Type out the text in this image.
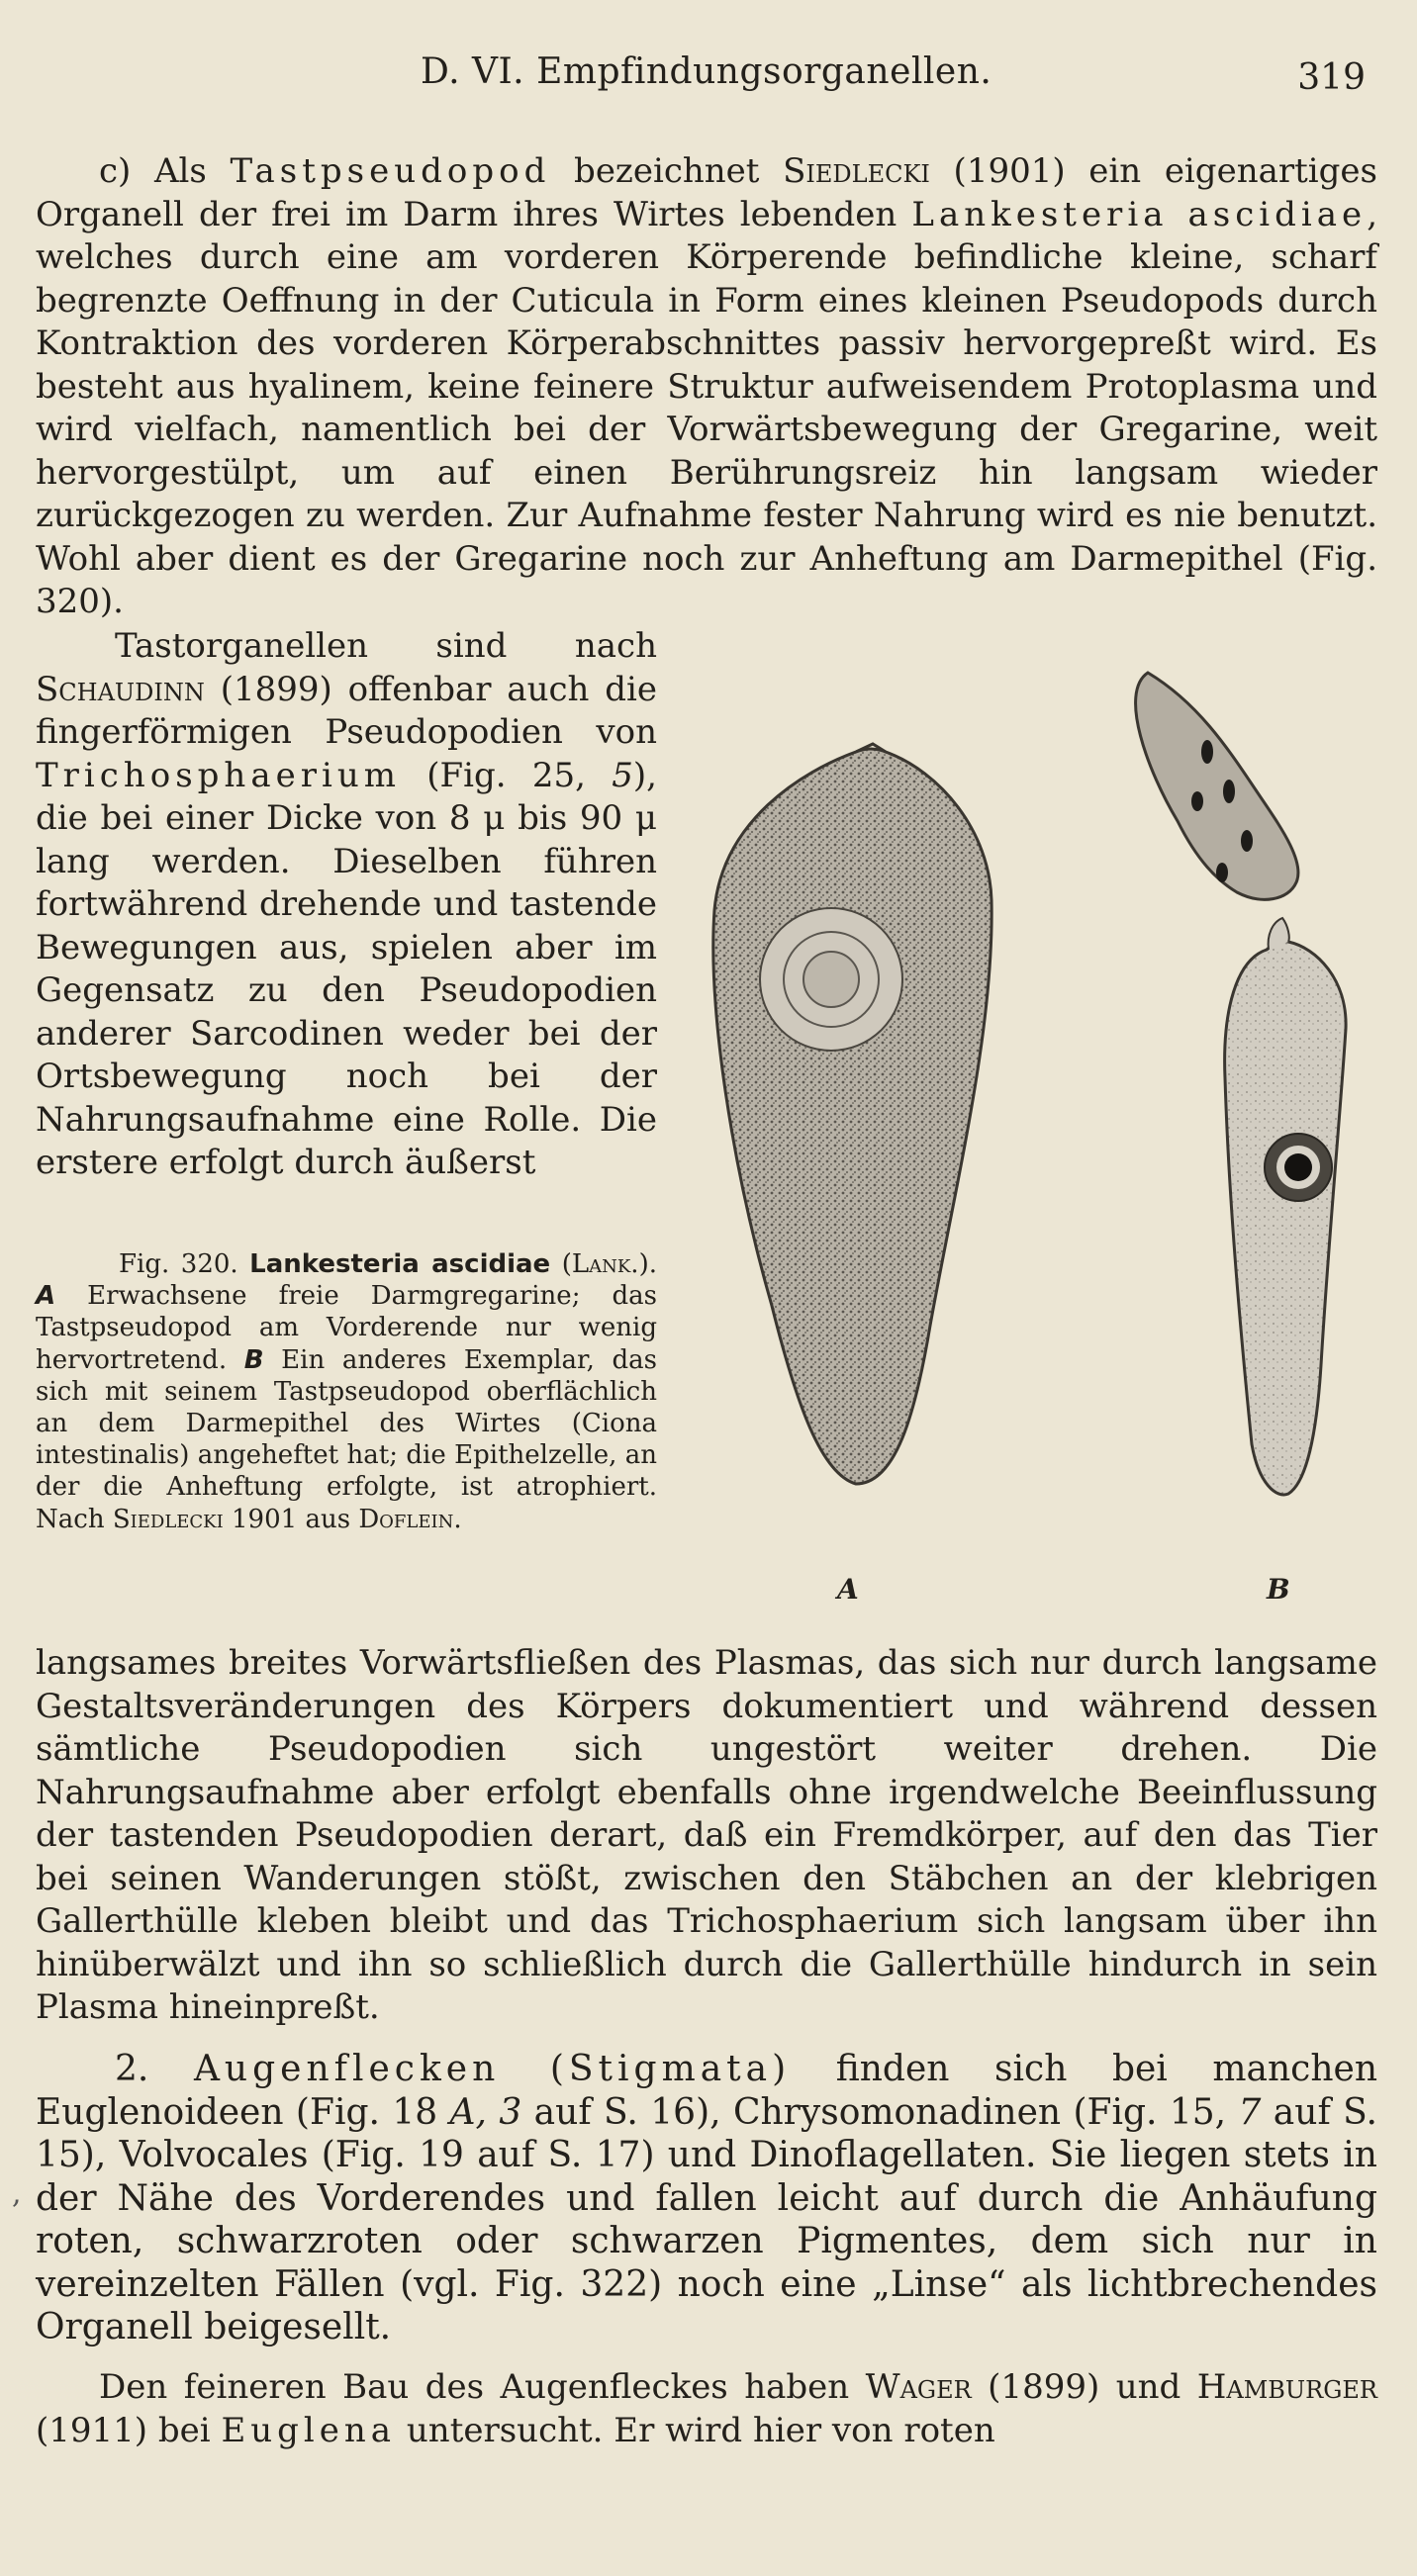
D. VI. Empfindungsorganellen.	319

c) Als Tastpseudopod bezeichnet Siedlecki (1901) ein eigenartiges Organell der frei im Darm ihres Wirtes lebenden Lankesteria ascidiae, welches durch eine am vorderen Körperende befindliche kleine, scharf begrenzte Oeffnung in der Cuticula in Form eines kleinen Pseudopods durch Kontraktion des vorderen Körperabschnittes passiv hervorgepreßt wird. Es besteht aus hyalinem, keine feinere Struktur aufweisendem Protoplasma und wird vielfach, namentlich bei der Vorwärtsbewegung der Gregarine, weit hervorgestülpt, um auf einen Berührungsreiz hin langsam wieder zurückgezogen zu werden. Zur Aufnahme fester Nahrung wird es nie benutzt. Wohl aber dient es der Gregarine noch zur Anheftung am Darmepithel (Fig. 320).

Tastorganellen sind nach Schaudinn (1899) offenbar auch die fingerförmigen Pseudopodien von Trichosphaerium (Fig. 25, 5), die bei einer Dicke von 8 μ bis 90 μ lang werden. Dieselben führen fortwährend drehende und tastende Bewegungen aus, spielen aber im Gegensatz zu den Pseudopodien anderer Sarcodinen weder bei der Ortsbewegung noch bei der Nahrungsaufnahme eine Rolle. Die erstere erfolgt durch äußerst

Fig. 320. Lankesteria ascidiae (Lank.). A Erwachsene freie Darmgregarine; das Tastpseudopod am Vorderende nur wenig hervortretend. B Ein anderes Exemplar, das sich mit seinem Tastpseudopod oberflächlich an dem Darmepithel des Wirtes (Ciona intestinalis) angeheftet hat; die Epithelzelle, an der die Anheftung erfolgte, ist atrophiert. Nach Siedlecki 1901 aus Doflein.

A	B

langsames breites Vorwärtsfließen des Plasmas, das sich nur durch langsame Gestaltsveränderungen des Körpers dokumentiert und während dessen sämtliche Pseudopodien sich ungestört weiter drehen. Die Nahrungsaufnahme aber erfolgt ebenfalls ohne irgendwelche Beeinflussung der tastenden Pseudopodien derart, daß ein Fremdkörper, auf den das Tier bei seinen Wanderungen stößt, zwischen den Stäbchen an der klebrigen Gallerthülle kleben bleibt und das Trichosphaerium sich langsam über ihn hinüberwälzt und ihn so schließlich durch die Gallerthülle hindurch in sein Plasma hineinpreßt.

2. Augenflecken (Stigmata) finden sich bei manchen Euglenoideen (Fig. 18 A, 3 auf S. 16), Chrysomonadinen (Fig. 15, 7 auf S. 15), Volvocales (Fig. 19 auf S. 17) und Dinoflagellaten. Sie liegen stets in der Nähe des Vorderendes und fallen leicht auf durch die Anhäufung roten, schwarzroten oder schwarzen Pigmentes, dem sich nur in vereinzelten Fällen (vgl. Fig. 322) noch eine „Linse“ als lichtbrechendes Organell beigesellt.

,

Den feineren Bau des Augenfleckes haben Wager (1899) und Hamburger (1911) bei Euglena untersucht. Er wird hier von roten
